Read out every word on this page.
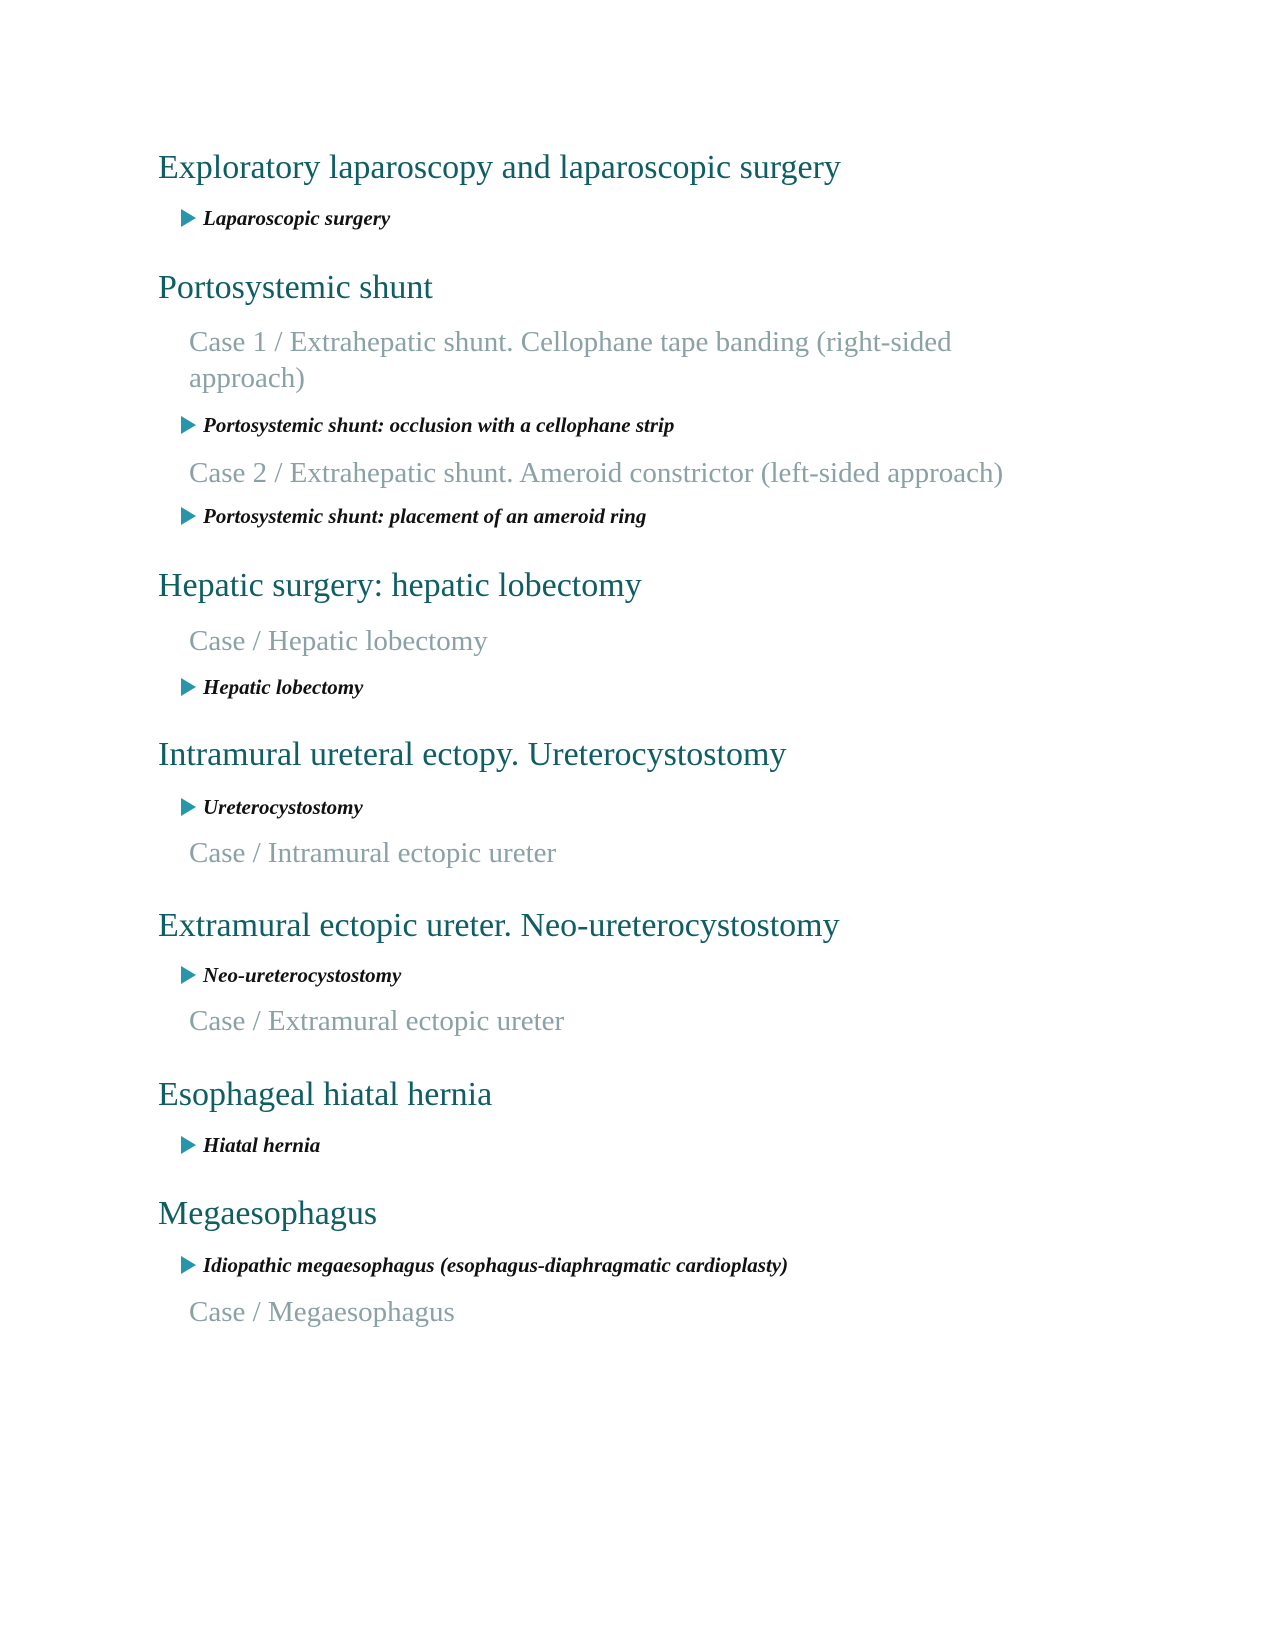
Exploratory laparoscopy and laparoscopic surgery
Laparoscopic surgery
Portosystemic shunt
Case 1 / Extrahepatic shunt. Cellophane tape banding (right-sided approach)
Portosystemic shunt: occlusion with a cellophane strip
Case 2 / Extrahepatic shunt. Ameroid constrictor (left-sided approach)
Portosystemic shunt: placement of an ameroid ring
Hepatic surgery: hepatic lobectomy
Case / Hepatic lobectomy
Hepatic lobectomy
Intramural ureteral ectopy. Ureterocystostomy
Ureterocystostomy
Case / Intramural ectopic ureter
Extramural ectopic ureter. Neo-ureterocystostomy
Neo-ureterocystostomy
Case / Extramural ectopic ureter
Esophageal hiatal hernia
Hiatal hernia
Megaesophagus
Idiopathic megaesophagus (esophagus-diaphragmatic cardioplasty)
Case / Megaesophagus
